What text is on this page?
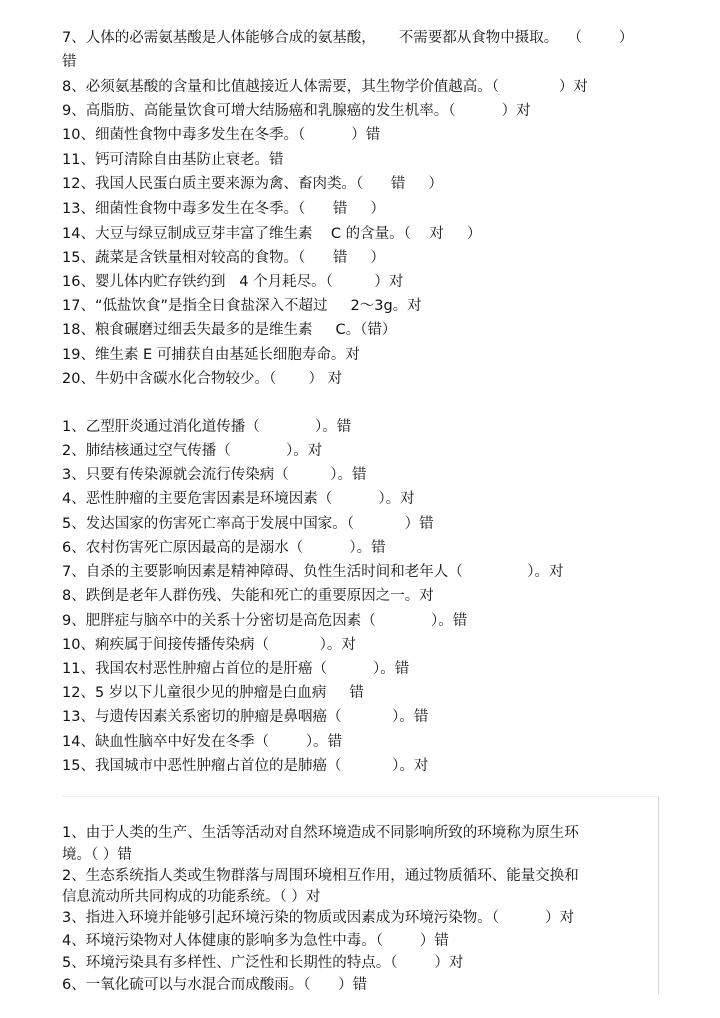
7、人体的必需氨基酸是人体能够合成的氨基酸，     不需要都从食物中摄取。  （        ）
错
8、必须氨基酸的含量和比值越接近人体需要，其生物学价值越高。（             ）对
9、高脂肪、高能量饮食可增大结肠癌和乳腺癌的发生机率。（          ）对
10、细菌性食物中毒多发生在冬季。（          ）错
11、钙可清除自由基防止衰老。错
12、我国人民蛋白质主要来源为禽、畜肉类。（      错     ）
13、细菌性食物中毒多发生在冬季。（      错     ）
14、大豆与绿豆制成豆芽丰富了维生素    C 的含量。（    对     ）
15、蔬菜是含铁量相对较高的食物。（      错     ）
16、婴儿体内贮存铁约到   4 个月耗尽。（         ）对
17、“低盐饮食”是指全日食盐深入不超过     2～3g。对
18、粮食碾磨过细丢失最多的是维生素     C。（错）
19、维生素 E 可捕获自由基延长细胞寿命。对
20、牛奶中含碳水化合物较少。（       ） 对
1、乙型肝炎通过消化道传播（            ）。错
2、肺结核通过空气传播（            ）。对
3、只要有传染源就会流行传染病（         ）。错
4、恶性肿瘤的主要危害因素是环境因素（          ）。对
5、发达国家的伤害死亡率高于发展中国家。（           ）错
6、农村伤害死亡原因最高的是溺水（          ）。错
7、自杀的主要影响因素是精神障碍、负性生活时间和老年人（              ）。对
8、跌倒是老年人群伤残、失能和死亡的重要原因之一。对
9、肥胖症与脑卒中的关系十分密切是高危因素（            ）。错
10、痢疾属于间接传播传染病（           ）。对
11、我国农村恶性肿瘤占首位的是肝癌（          ）。错
12、5 岁以下儿童很少见的肿瘤是白血病     错
13、与遗传因素关系密切的肿瘤是鼻咽癌（           ）。错
14、缺血性脑卒中好发在冬季（        ）。错
15、我国城市中恶性肿瘤占首位的是肺癌（           ）。对
1、由于人类的生产、生活等活动对自然环境造成不同影响所致的环境称为原生环
境。（ ）错
2、生态系统指人类或生物群落与周围环境相互作用，通过物质循环、能量交换和
信息流动所共同构成的功能系统。（ ）对
3、指进入环境并能够引起环境污染的物质或因素成为环境污染物。（          ）对
4、环境污染物对人体健康的影响多为急性中毒。（        ）错
5、环境污染具有多样性、广泛性和长期性的特点。（        ）对
6、一氧化硫可以与水混合而成酸雨。（      ）错
